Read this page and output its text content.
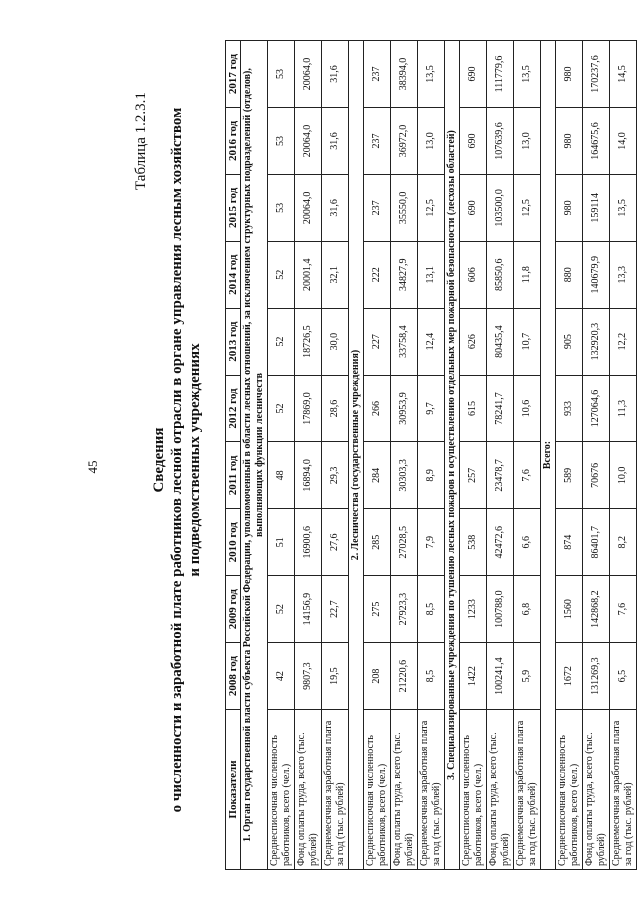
45
Таблица 1.2.3.1
Сведения о численности и заработной плате работников лесной отрасли в органе управления лесным хозяйством и подведомственных учреждениях
Показатели	2008 год	2009 год	2010 год	2011 год	2012 год	2013 год	2014 год	2015 год	2016 год	2017 год
1. Орган государственной власти субъекта Российской Федерации, уполномоченный в области лесных отношений, за исключением структурных подразделений (отделов), выполняющих функции лесничеств										
Среднесписочная численность работников, всего (чел.)	42	52	51	48	52	52	52	53	53	53
Фонд оплаты труда, всего (тыс. рублей)	9807,3	14156,9	16900,6	16894,0	17869,0	18726,5	20001,4	20064,0	20064,0	20064,0
Среднемесячная заработная плата за год (тыс. рублей)	19,5	22,7	27,6	29,3	28,6	30,0	32,1	31,6	31,6	31,6
2. Лесничества (государственные учреждения)										
Среднесписочная численность работников, всего (чел.)	208	275	285	284	266	227	222	237	237	237
Фонд оплаты труда, всего (тыс. рублей)	21220,6	27923,3	27028,5	30303,3	30953,9	33758,4	34827,9	35550,0	36972,0	38394,0
Среднемесячная заработная плата за год (тыс. рублей)	8,5	8,5	7,9	8,9	9,7	12,4	13,1	12,5	13,0	13,5
3. Специализированные учреждения по тушению лесных пожаров и осуществлению отдельных мер пожарной безопасности (лесхозы областей)										
Среднесписочная численность работников, всего (чел.)	1422	1233	538	257	615	626	606	690	690	690
Фонд оплаты труда, всего (тыс. рублей)	100241,4	100788,0	42472,6	23478,7	78241,7	80435,4	85850,6	103500,0	107639,6	111779,6
Среднемесячная заработная плата за год (тыс. рублей)	5,9	6,8	6,6	7,6	10,6	10,7	11,8	12,5	13,0	13,5
Всего:										
Среднесписочная численность работников, всего (чел.)	1672	1560	874	589	933	905	880	980	980	980
Фонд оплаты труда, всего (тыс. рублей)	131269,3	142868,2	86401,7	70676	127064,6	132920,3	140679,9	159114	164675,6	170237,6
Среднемесячная заработная плата за год (тыс. рублей)	6,5	7,6	8,2	10,0	11,3	12,2	13,3	13,5	14,0	14,5
